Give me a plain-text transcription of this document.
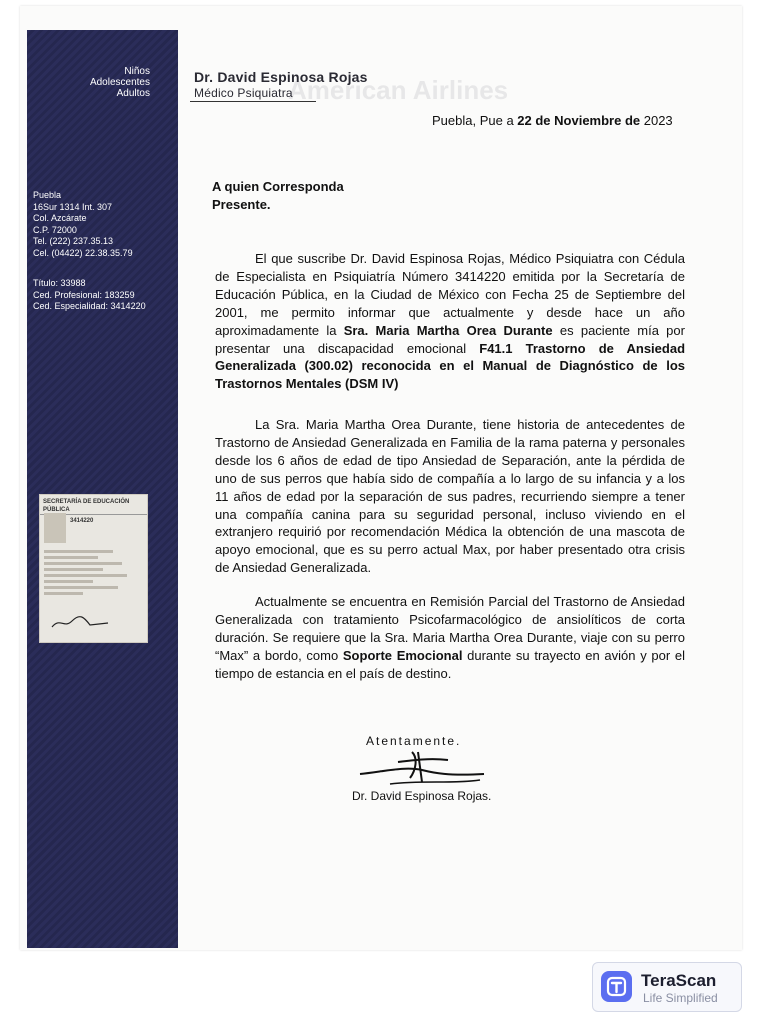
Niños
Adolescentes
Adultos
Puebla
16Sur 1314 Int. 307
Col. Azcárate
C.P. 72000
Tel. (222) 237.35.13
Cel. (04422) 22.38.35.79
Título: 33988
Ced. Profesional: 183259
Ced. Especialidad: 3414220
SECRETARÍA DE EDUCACIÓN PÚBLICA
3414220
Dr. David Espinosa Rojas
Médico Psiquiatra
Puebla, Pue a 22 de Noviembre de 2023
A quien Corresponda
Presente.

El que suscribe Dr. David Espinosa Rojas, Médico Psiquiatra con Cédula de Especialista en Psiquiatría Número 3414220 emitida por la Secretaría de Educación Pública, en la Ciudad de México con Fecha 25 de Septiembre del 2001, me permito informar que actualmente y desde hace un año aproximadamente la Sra. Maria Martha Orea Durante es paciente mía por presentar una discapacidad emocional F41.1 Trastorno de Ansiedad Generalizada (300.02) reconocida en el Manual de Diagnóstico de los Trastornos Mentales (DSM IV)

La Sra. Maria Martha Orea Durante, tiene historia de antecedentes de Trastorno de Ansiedad Generalizada en Familia de la rama paterna y personales desde los 6 años de edad de tipo Ansiedad de Separación, ante la pérdida de uno de sus perros que había sido de compañía a lo largo de su infancia y a los 11 años de edad por la separación de sus padres, recurriendo siempre a tener una compañía canina para su seguridad personal, incluso viviendo en el extranjero requirió por recomendación Médica la obtención de una mascota de apoyo emocional, que es su perro actual Max, por haber presentado otra crisis de Ansiedad Generalizada.

Actualmente se encuentra en Remisión Parcial del Trastorno de Ansiedad Generalizada con tratamiento Psicofarmacológico de ansiolíticos de corta duración. Se requiere que la Sra. Maria Martha Orea Durante, viaje con su perro “Max” a bordo, como Soporte Emocional durante su trayecto en avión y por el tiempo de estancia en el país de destino.

Atentamente.
Dr. David Espinosa Rojas.
TeraScan
Life Simplified
